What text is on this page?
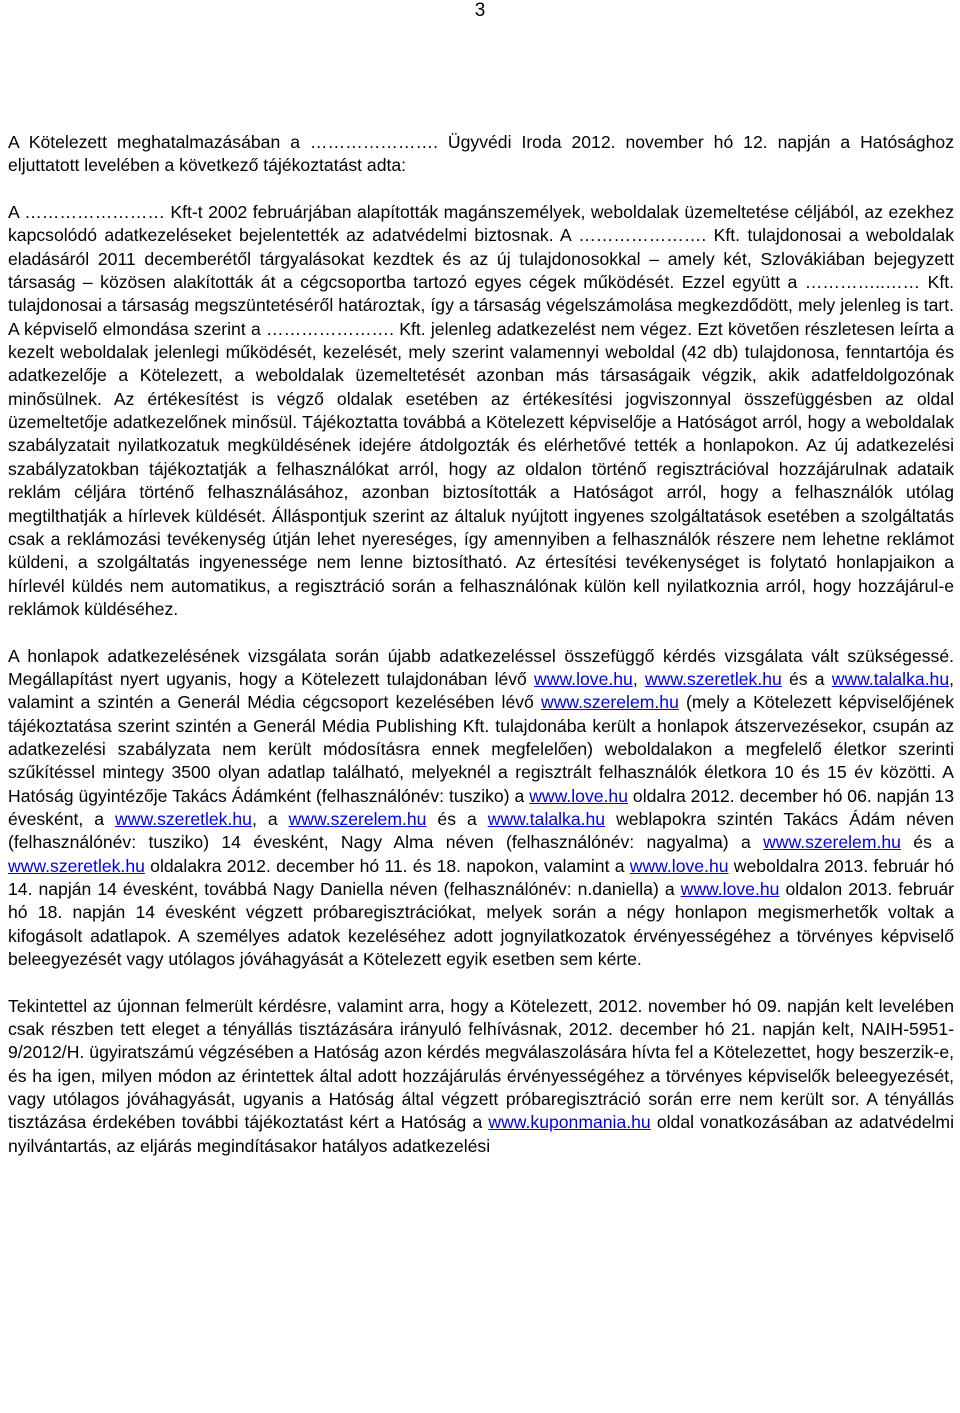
3

A Kötelezett meghatalmazásában a …………………. Ügyvédi Iroda 2012. november hó 12. napján a Hatósághoz eljuttatott levelében a következő tájékoztatást adta:

A …………………… Kft-t 2002 februárjában alapították magánszemélyek, weboldalak üzemeltetése céljából, az ezekhez kapcsolódó adatkezeléseket bejelentették az adatvédelmi biztosnak. A …………………. Kft. tulajdonosai a weboldalak eladásáról 2011 decemberétől tárgyalásokat kezdtek és az új tulajdonosokkal – amely két, Szlovákiában bejegyzett társaság – közösen alakították át a cégcsoportba tartozó egyes cégek működését. Ezzel együtt a …………..…… Kft. tulajdonosai a társaság megszüntetéséről határoztak, így a társaság végelszámolása megkezdődött, mely jelenleg is tart. A képviselő elmondása szerint a …………………. Kft. jelenleg adatkezelést nem végez. Ezt követően részletesen leírta a kezelt weboldalak jelenlegi működését, kezelését, mely szerint valamennyi weboldal (42 db) tulajdonosa, fenntartója és adatkezelője a Kötelezett, a weboldalak üzemeltetését azonban más társaságaik végzik, akik adatfeldolgozónak minősülnek. Az értékesítést is végző oldalak esetében az értékesítési jogviszonnyal összefüggésben az oldal üzemeltetője adatkezelőnek minősül. Tájékoztatta továbbá a Kötelezett képviselője a Hatóságot arról, hogy a weboldalak szabályzatait nyilatkozatuk megküldésének idejére átdolgozták és elérhetővé tették a honlapokon. Az új adatkezelési szabályzatokban tájékoztatják a felhasználókat arról, hogy az oldalon történő regisztrációval hozzájárulnak adataik reklám céljára történő felhasználásához, azonban biztosították a Hatóságot arról, hogy a felhasználók utólag megtilthatják a hírlevek küldését. Álláspontjuk szerint az általuk nyújtott ingyenes szolgáltatások esetében a szolgáltatás csak a reklámozási tevékenység útján lehet nyereséges, így amennyiben a felhasználók részere nem lehetne reklámot küldeni, a szolgáltatás ingyenessége nem lenne biztosítható. Az értesítési tevékenységet is folytató honlapjaikon a hírlevél küldés nem automatikus, a regisztráció során a felhasználónak külön kell nyilatkoznia arról, hogy hozzájárul-e reklámok küldéséhez.

A honlapok adatkezelésének vizsgálata során újabb adatkezeléssel összefüggő kérdés vizsgálata vált szükségessé. Megállapítást nyert ugyanis, hogy a Kötelezett tulajdonában lévő www.love.hu, www.szeretlek.hu és a www.talalka.hu, valamint a szintén a Generál Média cégcsoport kezelésében lévő www.szerelem.hu (mely a Kötelezett képviselőjének tájékoztatása szerint szintén a Generál Média Publishing Kft. tulajdonába került a honlapok átszervezésekor, csupán az adatkezelési szabályzata nem került módosításra ennek megfelelően) weboldalakon a megfelelő életkor szerinti szűkítéssel mintegy 3500 olyan adatlap található, melyeknél a regisztrált felhasználók életkora 10 és 15 év közötti. A Hatóság ügyintézője Takács Ádámként (felhasználónév: tusziko) a www.love.hu oldalra 2012. december hó 06. napján 13 évesként, a www.szeretlek.hu, a www.szerelem.hu és a www.talalka.hu weblapokra szintén Takács Ádám néven (felhasználónév: tusziko) 14 évesként, Nagy Alma néven (felhasználónév: nagyalma) a www.szerelem.hu és a www.szeretlek.hu oldalakra 2012. december hó 11. és 18. napokon, valamint a www.love.hu weboldalra 2013. február hó 14. napján 14 évesként, továbbá Nagy Daniella néven (felhasználónév: n.daniella) a www.love.hu oldalon 2013. február hó 18. napján 14 évesként végzett próbaregisztrációkat, melyek során a négy honlapon megismerhetők voltak a kifogásolt adatlapok. A személyes adatok kezeléséhez adott jognyilatkozatok érvényességéhez a törvényes képviselő beleegyezését vagy utólagos jóváhagyását a Kötelezett egyik esetben sem kérte.

Tekintettel az újonnan felmerült kérdésre, valamint arra, hogy a Kötelezett, 2012. november hó 09. napján kelt levelében csak részben tett eleget a tényállás tisztázására irányuló felhívásnak, 2012. december hó 21. napján kelt, NAIH-5951-9/2012/H. ügyiratszámú végzésében a Hatóság azon kérdés megválaszolására hívta fel a Kötelezettet, hogy beszerzik-e, és ha igen, milyen módon az érintettek által adott hozzájárulás érvényességéhez a törvényes képviselők beleegyezését, vagy utólagos jóváhagyását, ugyanis a Hatóság által végzett próbaregisztráció során erre nem került sor. A tényállás tisztázása érdekében további tájékoztatást kért a Hatóság a www.kuponmania.hu oldal vonatkozásában az adatvédelmi nyilvántartás, az eljárás megindításakor hatályos adatkezelési
